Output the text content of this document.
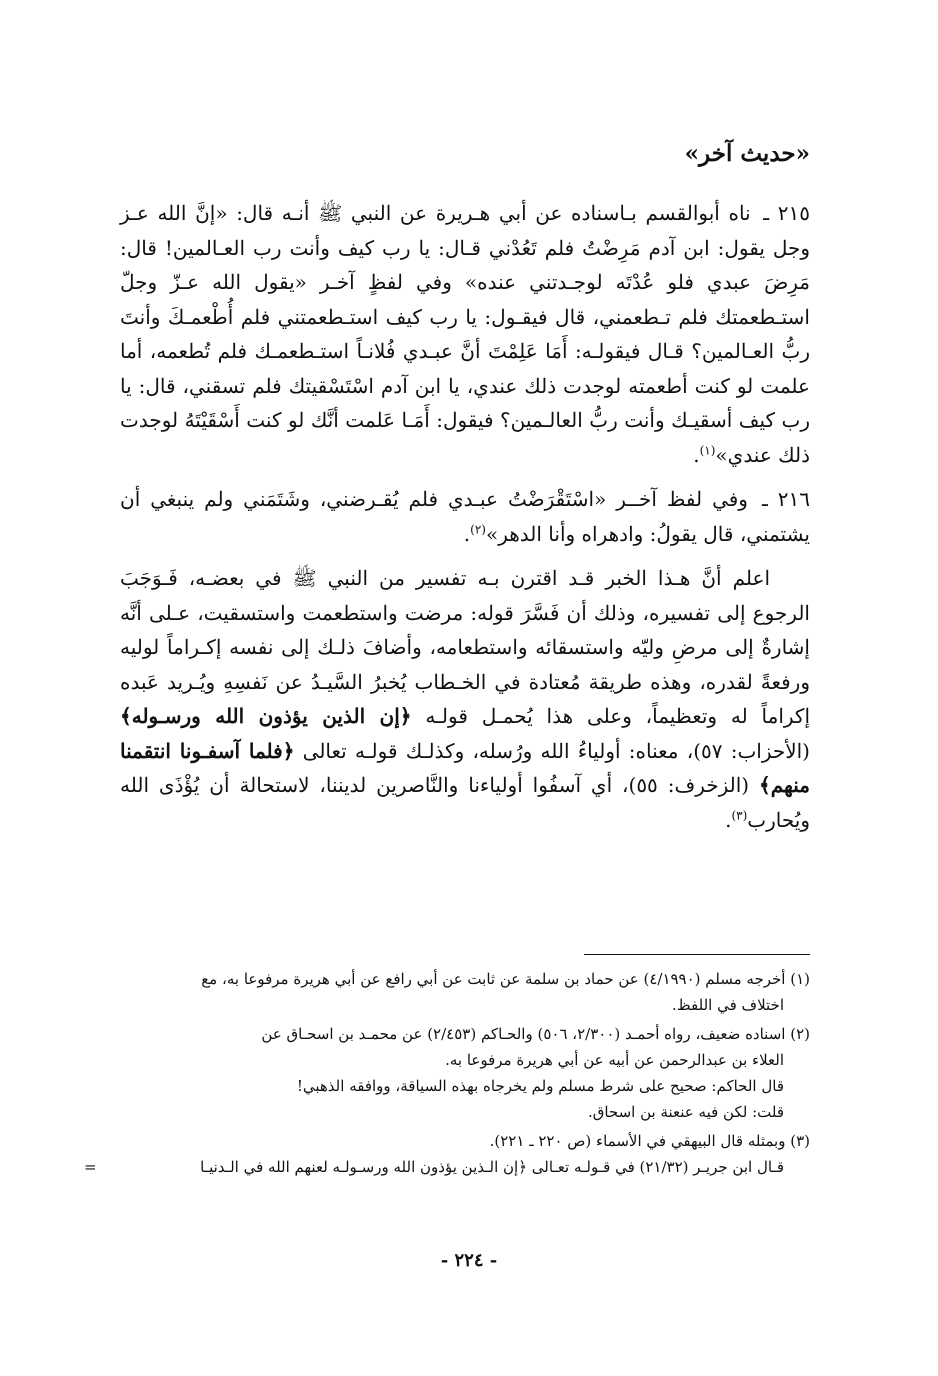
«حديث آخر»

٢١٥ ـ ناه أبوالقسم بـاسناده عن أبي هـريرة عن النبي ﷺ أنـه قال: «إنَّ الله عـز وجل يقول: ابن آدم مَرِضْتُ فلم تَعُدْني قـال: يا رب كيف وأنت رب العـالمين! قال: مَرِضَ عبدي فلو عُدْتَه لوجـدتني عنده» وفي لفظٍ آخـر «يقول الله عـزّ وجلّ استـطعمتك فلم تـطعمني، قال فيقـول: يا رب كيف استـطعمتني فلم أُطْعمـكَ وأنتَ ربُّ العـالمين؟ قـال فيقولـه: أَمَا عَلِمْتَ أنَّ عبـدي فُلانـاً استـطعمـك فلم تُطعمه، أما علمت لو كنت أطعمته لوجدت ذلك عندي، يا ابن آدم اسْتَسْقيتك فلم تسقني، قال: يا رب كيف أسقيـك وأنت ربُّ العالـمين؟ فيقول: أَمَـا عَلمت أنَّك لو كنت أَسْقَيْتَهُ لوجدت ذلك عندي»$^{(١)}$.

٢١٦ ـ وفي لفظ آخــر «اسْتَقْرَضْتُ عبـدي فلم يُقـرضني، وشَتَمَني ولم ينبغي أن يشتمني، قال يقولُ: وادهراه وأنا الدهر»$^{(٢)}$.

اعلم أنَّ هـذا الخبر قـد اقترن بـه تفسير من النبي ﷺ في بعضـه، فَـوَجَبَ الرجوع إلى تفسيره، وذلك أن فَسَّرَ قوله: مرضت واستطعمت واستسقيت، عـلى أنَّه إشارةٌ إلى مرضِ وليّه واستسقائه واستطعامه، وأضافَ ذلـك إلى نفسه إكـراماً لوليه ورفعةً لقدره، وهذه طريقة مُعتادة في الخـطاب يُخبرُ السَّيـدُ عن نَفسِهِ ويُـريد عَبده إكراماً له وتعظيماً، وعلى هذا يُحمـل قولـه ﴿إن الذين يؤذون الله ورسـوله﴾ (الأحزاب: ٥٧)، معناه: أولياءُ الله ورُسله، وكذلـك قولـه تعالى ﴿فلما آسفـونا انتقمنا منهم﴾ (الزخرف: ٥٥)، أي آسفُوا أولياءنا والنَّاصرين لديننا، لاستحالة أن يُؤْذَى الله ويُحارب$^{(٣)}$.

(١) أخرجه مسلم (٤/١٩٩٠) عن حماد بن سلمة عن ثابت عن أبي رافع عن أبي هريرة مرفوعا به، مع
اختلاف في اللفظ.

(٢) اسناده ضعيف، رواه أحمـد (٢/٣٠٠، ٥٠٦) والحـاكم (٢/٤٥٣) عن محمـد بن اسحـاق عن
العلاء بن عبدالرحمن عن أبيه عن أبي هريرة مرفوعا به.
قال الحاكم: صحيح على شرط مسلم ولم يخرجاه بهذه السياقة، ووافقه الذهبي!
قلت: لكن فيه عنعنة بن اسحاق.

(٣) وبمثله قال البيهقي في الأسماء (ص ٢٢٠ ـ ٢٢١).

قـال ابن جريـر (٢١/٣٢) في قـولـه تعـالى ﴿إن الـذين يؤذون الله ورسـولـه لعنهم الله في الـدنيـا
=

- ٢٢٤ -
